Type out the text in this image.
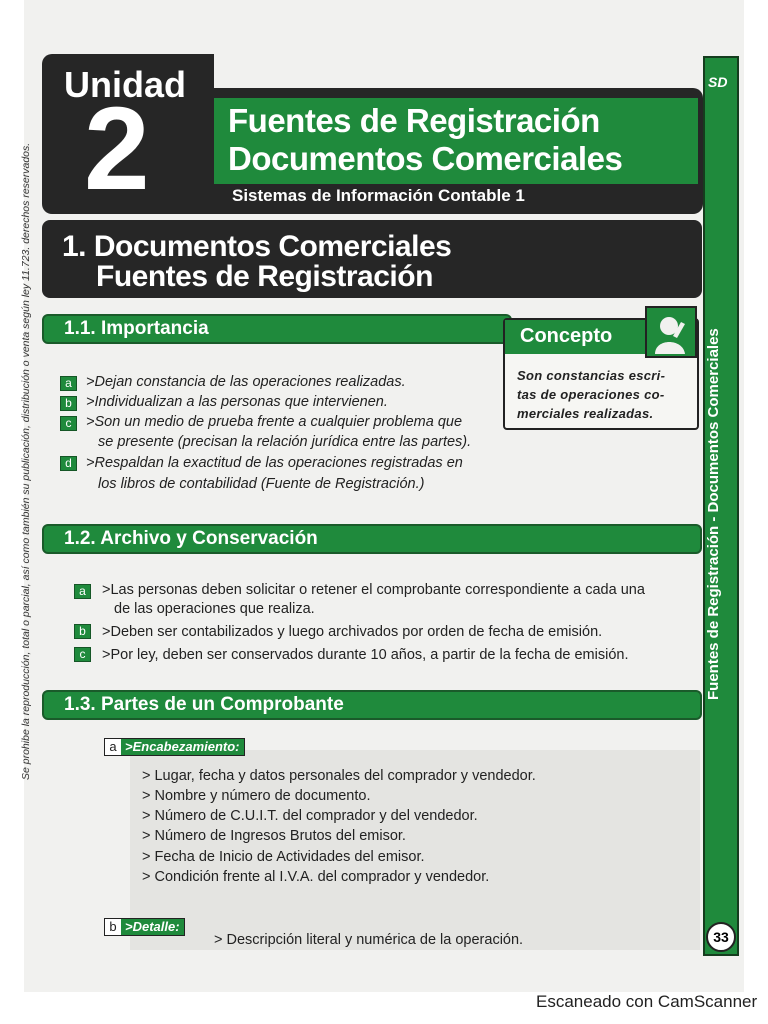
Unidad
2 Fuentes de Registración
Documentos Comerciales
Sistemas de Información Contable 1
1. Documentos Comerciales
Fuentes de Registración
1.1. Importancia
a >Dejan constancia de las operaciones realizadas.
b >Individualizan a las personas que intervienen.
c	>Son un medio de prueba frente a cualquier problema que
se presente (precisan la relación jurídica entre las partes).
d >Respaldan la exactitud de las operaciones registradas en
los libros de contabilidad (Fuente de Registración.)
Concepto
Son constancias escri-
tas de operaciones co-
merciales realizadas.
1.2. Archivo y Conservación
a	>Las personas deben solicitar o retener el comprobante correspondiente a cada una
de las operaciones que realiza.
b	>Deben ser contabilizados y luego archivados por orden de fecha de emisión.
c	>Por ley, deben ser conservados durante 10 años, a partir de la fecha de emisión.
1.3. Partes de un Comprobante
a >Encabezamiento:
> Lugar, fecha y datos personales del comprador y vendedor.
> Nombre y número de documento.
> Número de C.U.I.T. del comprador y del vendedor.
> Número de Ingresos Brutos del emisor.
> Fecha de Inicio de Actividades del emisor.
> Condición frente al I.V.A. del comprador y vendedor.
b >Detalle:
> Descripción literal y numérica de la operación.
SD
33
Se prohibe la reproducción, total o parcial, así como también su publicación, distribución o venta según ley 11.723. derechos reservados.
Escaneado con CamScanner
